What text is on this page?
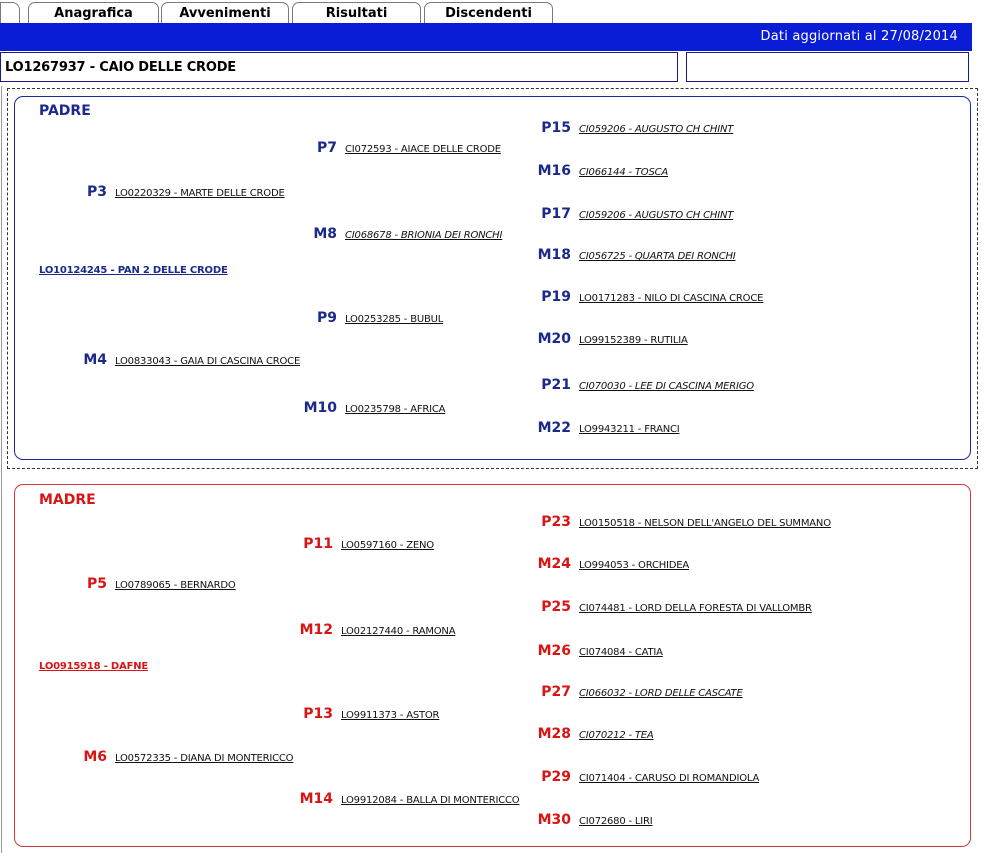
Anagrafica	Avvenimenti	Risultati	Discendenti
Dati aggiornati al 27/08/2014
LO1267937 - CAIO DELLE CRODE
PADRE
LO10124245 - PAN 2 DELLE CRODE
P3 LO0220329 - MARTE DELLE CRODE
M4 LO0833043 - GAIA DI CASCINA CROCE
P7 CI072593 - AIACE DELLE CRODE
M8 CI068678 - BRIONIA DEI RONCHI
P9 LO0253285 - BUBUL
M10 LO0235798 - AFRICA
P15 CI059206 - AUGUSTO CH CHINT
M16 CI066144 - TOSCA
P17 CI059206 - AUGUSTO CH CHINT
M18 CI056725 - QUARTA DEI RONCHI
P19 LO0171283 - NILO DI CASCINA CROCE
M20 LO99152389 - RUTILIA
P21 CI070030 - LEE DI CASCINA MERIGO
M22 LO9943211 - FRANCI
MADRE
LO0915918 - DAFNE
P5 LO0789065 - BERNARDO
M6 LO0572335 - DIANA DI MONTERICCO
P11 LO0597160 - ZENO
M12 LO02127440 - RAMONA
P13 LO9911373 - ASTOR
M14 LO9912084 - BALLA DI MONTERICCO
P23 LO0150518 - NELSON DELL'ANGELO DEL SUMMANO
M24 LO994053 - ORCHIDEA
P25 CI074481 - LORD DELLA FORESTA DI VALLOMBR
M26 CI074084 - CATIA
P27 CI066032 - LORD DELLE CASCATE
M28 CI070212 - TEA
P29 CI071404 - CARUSO DI ROMANDIOLA
M30 CI072680 - LIRI
